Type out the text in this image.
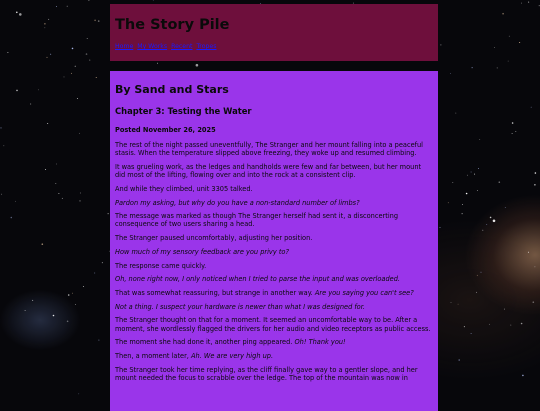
The Story Pile
Home My Works Recent Tropes
By Sand and Stars
Chapter 3: Testing the Water

Posted November 26, 2025

The rest of the night passed uneventfully, The Stranger and her mount falling into a peaceful stasis. When the temperature slipped above freezing, they woke up and resumed climbing.

It was grueling work, as the ledges and handholds were few and far between, but her mount did most of the lifting, flowing over and into the rock at a consistent clip.

And while they climbed, unit 3305 talked.

Pardon my asking, but why do you have a non-standard number of limbs?

The message was marked as though The Stranger herself had sent it, a disconcerting consequence of two users sharing a head.

The Stranger paused uncomfortably, adjusting her position.

How much of my sensory feedback are you privy to?

The response came quickly.

Oh, none right now, I only noticed when I tried to parse the input and was overloaded.

That was somewhat reassuring, but strange in another way. Are you saying you can't see?

Not a thing. I suspect your hardware is newer than what I was designed for.

The Stranger thought on that for a moment. It seemed an uncomfortable way to be. After a moment, she wordlessly flagged the drivers for her audio and video receptors as public access.

The moment she had done it, another ping appeared. Oh! Thank you!

Then, a moment later, Ah. We are very high up.

The Stranger took her time replying, as the cliff finally gave way to a gentler slope, and her mount needed the focus to scrabble over the ledge. The top of the mountain was now in
